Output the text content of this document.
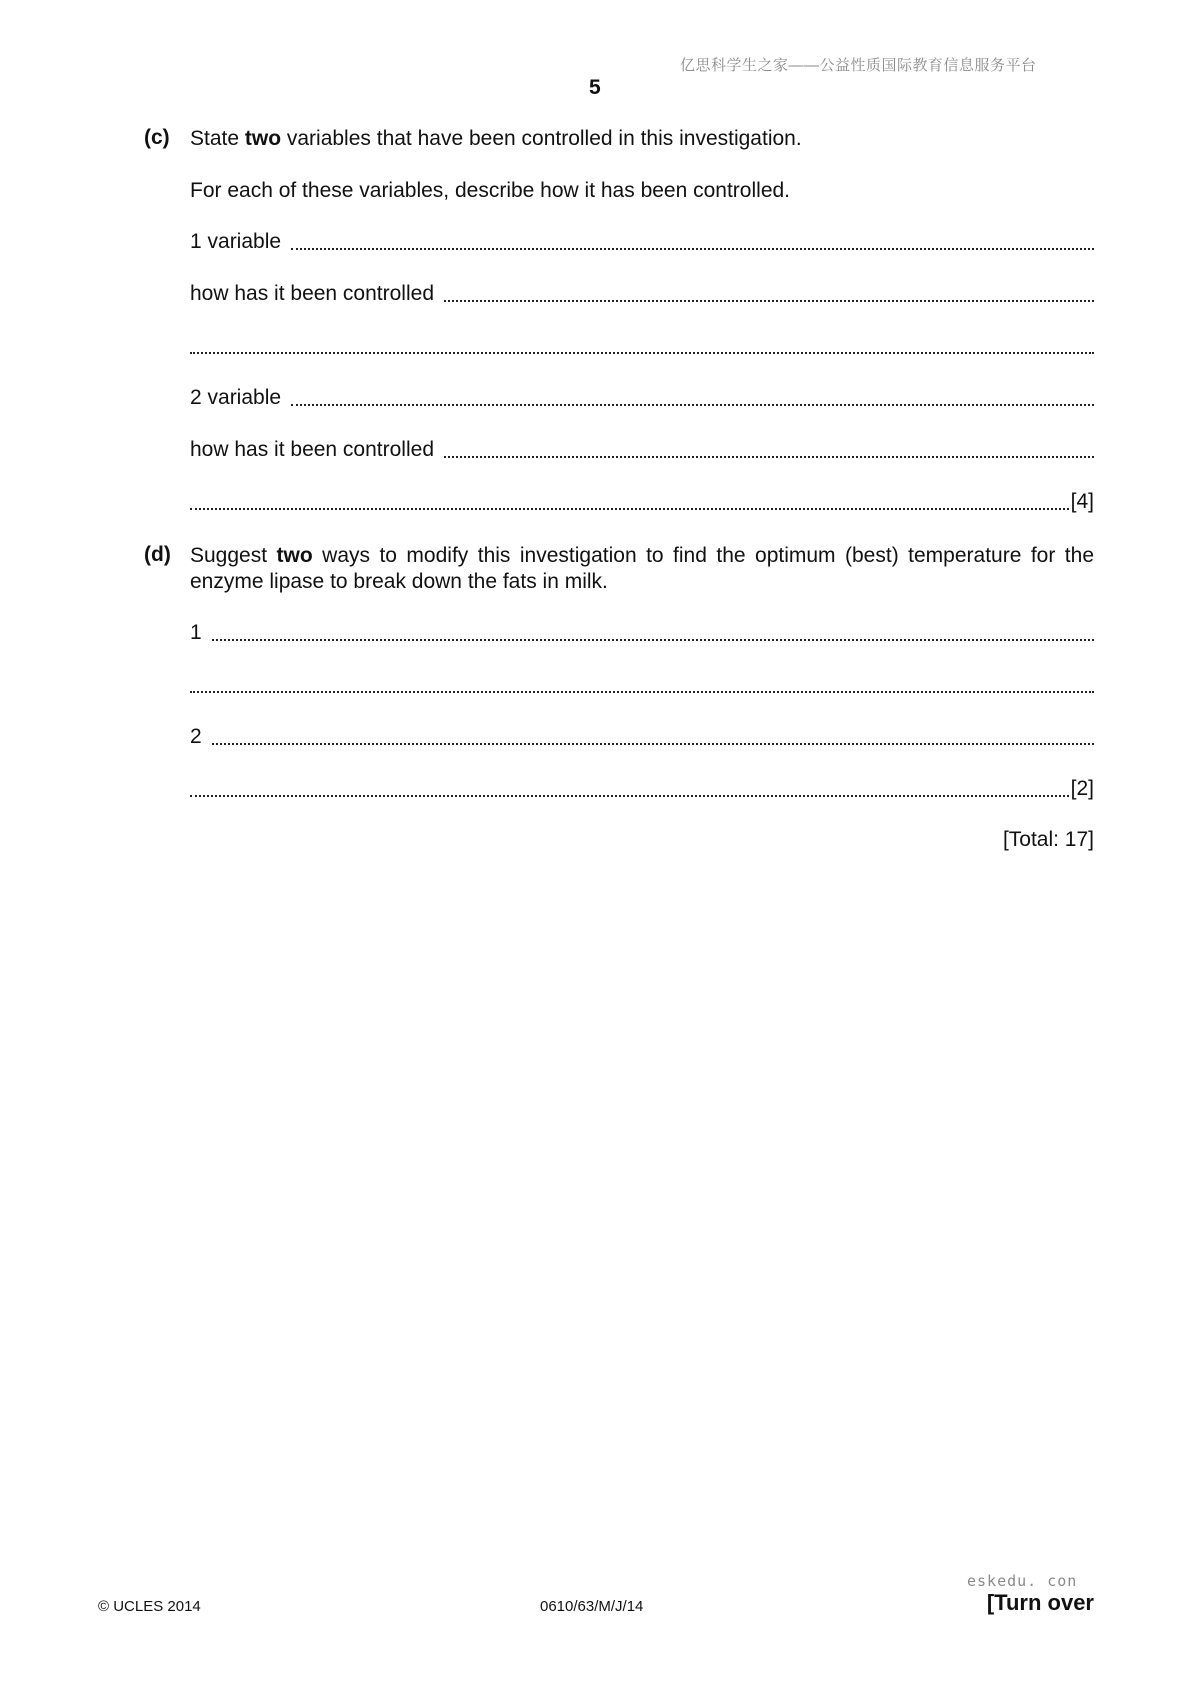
亿思科学生之家——公益性质国际教育信息服务平台
5
(c) State two variables that have been controlled in this investigation.
For each of these variables, describe how it has been controlled.
1 variable
how has it been controlled
2 variable
how has it been controlled
[4]
(d) Suggest two ways to modify this investigation to find the optimum (best) temperature for the enzyme lipase to break down the fats in milk.
1
2
[2]
[Total: 17]
© UCLES 2014	0610/63/M/J/14
eskedu. con
[Turn over
